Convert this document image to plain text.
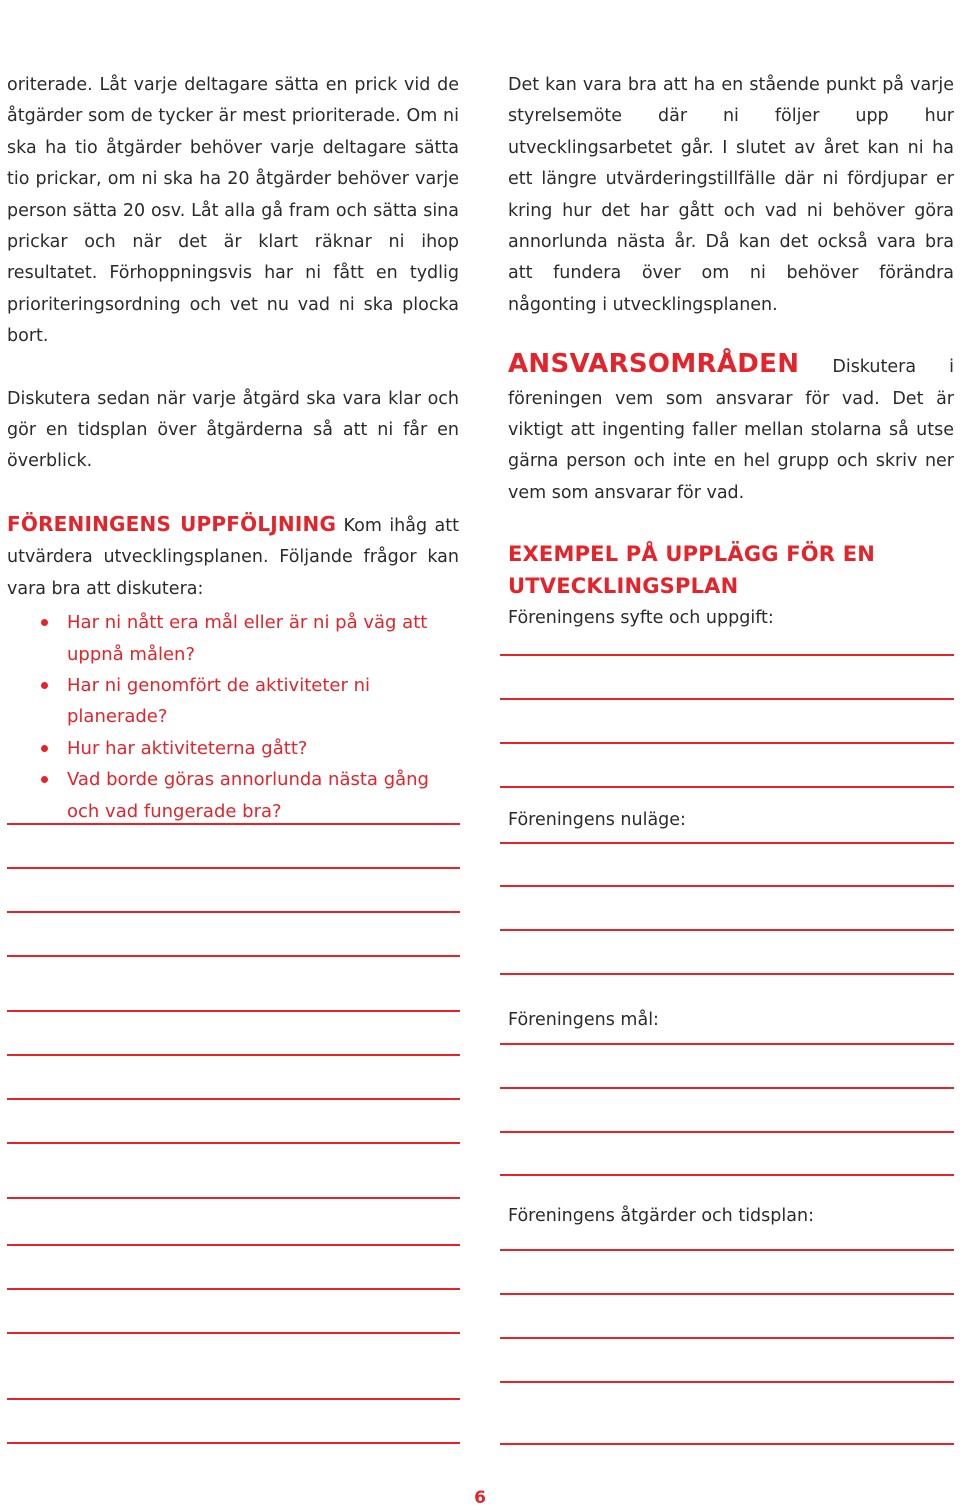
oriterade. Låt varje deltagare sätta en prick vid de åtgärder som de tycker är mest prioriterade. Om ni ska ha tio åtgärder behöver varje deltagare sätta tio prickar, om ni ska ha 20 åtgärder behöver varje person sätta 20 osv. Låt alla gå fram och sätta sina prickar och när det är klart räknar ni ihop resultatet. Förhoppningsvis har ni fått en tydlig prioriteringsordning och vet nu vad ni ska plocka bort.

Diskutera sedan när varje åtgärd ska vara klar och gör en tidsplan över åtgärderna så att ni får en överblick.

FÖRENINGENS UPPFÖLJNING Kom ihåg att utvärdera utvecklingsplanen. Följande frågor kan vara bra att diskutera:

Har ni nått era mål eller är ni på väg att uppnå målen?
Har ni genomfört de aktiviteter ni planerade?
Hur har aktiviteterna gått?
Vad borde göras annorlunda nästa gång och vad fungerade bra?

Det kan vara bra att ha en stående punkt på varje styrelsemöte där ni följer upp hur utvecklingsarbetet går. I slutet av året kan ni ha ett längre utvärderingstillfälle där ni fördjupar er kring hur det har gått och vad ni behöver göra annorlunda nästa år. Då kan det också vara bra att fundera över om ni behöver förändra någonting i utvecklingsplanen.

ANSVARSOMRÅDEN Diskutera i föreningen vem som ansvarar för vad. Det är viktigt att ingenting faller mellan stolarna så utse gärna person och inte en hel grupp och skriv ner vem som ansvarar för vad.

EXEMPEL PÅ UPPLÄGG FÖR EN
UTVECKLINGSPLAN

Föreningens syfte och uppgift:
Föreningens nuläge:
Föreningens mål:
Föreningens åtgärder och tidsplan:
6
